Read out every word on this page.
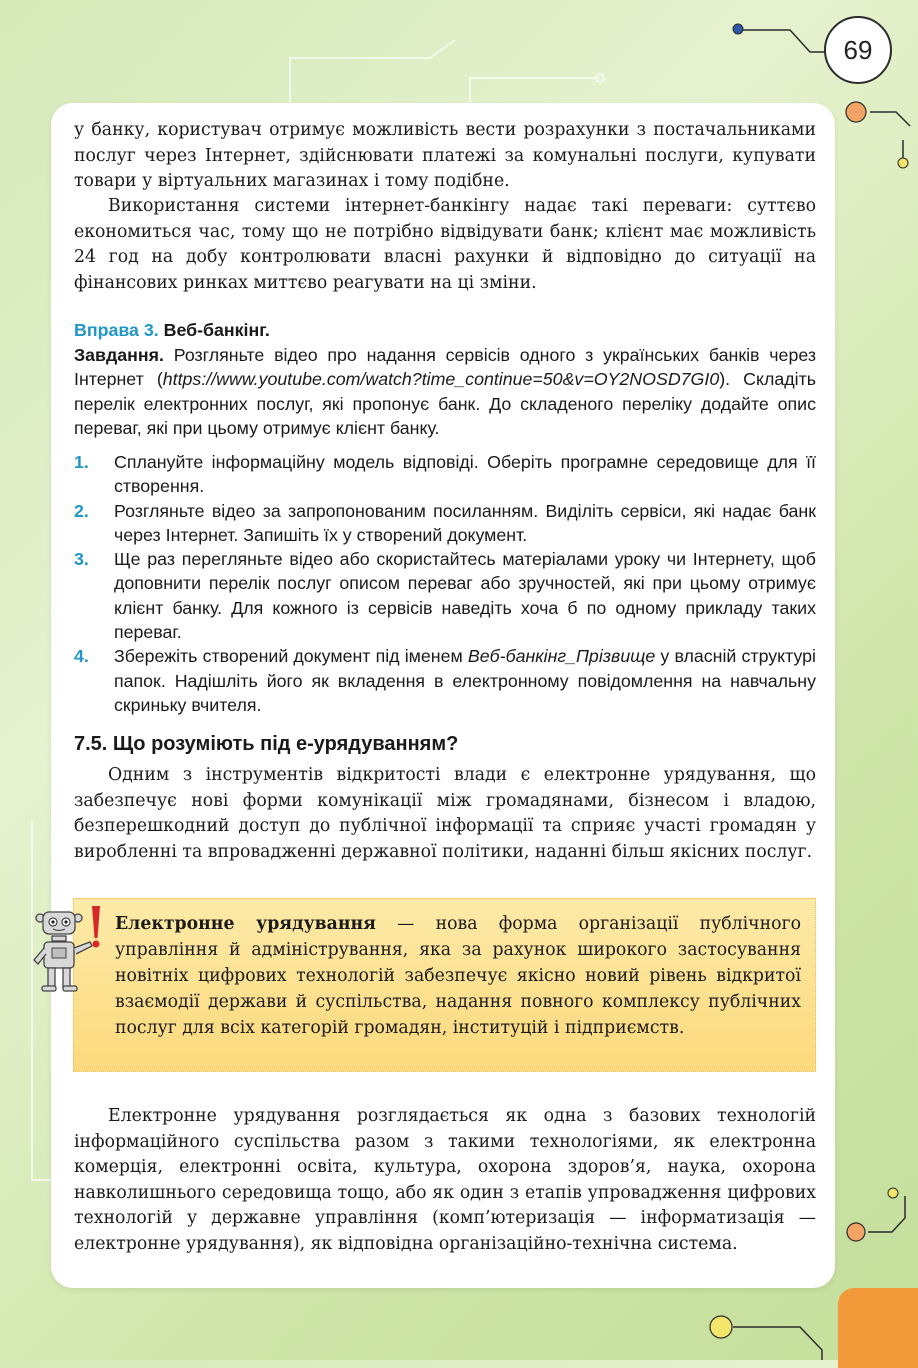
69

у банку, користувач отримує можливість вести розрахунки з постачальниками послуг через Інтернет, здійснювати платежі за комунальні послуги, купувати товари у віртуальних магазинах і тому подібне.

Використання системи інтернет-банкінгу надає такі переваги: суттєво економиться час, тому що не потрібно відвідувати банк; клієнт має можливість 24 год на добу контролювати власні рахунки й відповідно до ситуації на фінансових ринках миттєво реагувати на ці зміни.

Вправа 3. Веб-банкінг.

Завдання. Розгляньте відео про надання сервісів одного з українських банків через Інтернет (https://www.youtube.com/watch?time_continue=50&v=OY2NOSD7GI0). Складіть перелік електронних послуг, які пропонує банк. До складеного переліку додайте опис переваг, які при цьому отримує клієнт банку.

1.	Сплануйте інформаційну модель відповіді. Оберіть програмне середовище для її створення.
2.	Розгляньте відео за запропонованим посиланням. Виділіть сервіси, які надає банк через Інтернет. Запишіть їх у створений документ.
3.	Ще раз перегляньте відео або скористайтесь матеріалами уроку чи Інтернету, щоб доповнити перелік послуг описом переваг або зручностей, які при цьому отримує клієнт банку. Для кожного із сервісів наведіть хоча б по одному прикладу таких переваг.
4.	Збережіть створений документ під іменем Веб-банкінг_Прізвище у власній структурі папок. Надішліть його як вкладення в електронному повідомлення на навчальну скриньку вчителя.
7.5. Що розуміють під е-урядуванням?

Одним з інструментів відкритості влади є електронне урядування, що забезпечує нові форми комунікації між громадянами, бізнесом і владою, безперешкодний доступ до публічної інформації та сприяє участі громадян у виробленні та впровадженні державної політики, наданні більш якісних послуг.

Електронне урядування — нова форма організації публічного управління й адміністрування, яка за рахунок широкого застосування новітніх цифрових технологій забезпечує якісно новий рівень відкритої взаємодії держави й суспільства, надання повного комплексу публічних послуг для всіх категорій громадян, інституцій і підприємств.

Електронне урядування розглядається як одна з базових технологій інформаційного суспільства разом з такими технологіями, як електронна комерція, електронні освіта, культура, охорона здоров’я, наука, охорона навколишнього середовища тощо, або як один з етапів упровадження цифрових технологій у державне управління (комп’ютеризація — інформатизація — електронне урядування), як відповідна організаційно-технічна система.
